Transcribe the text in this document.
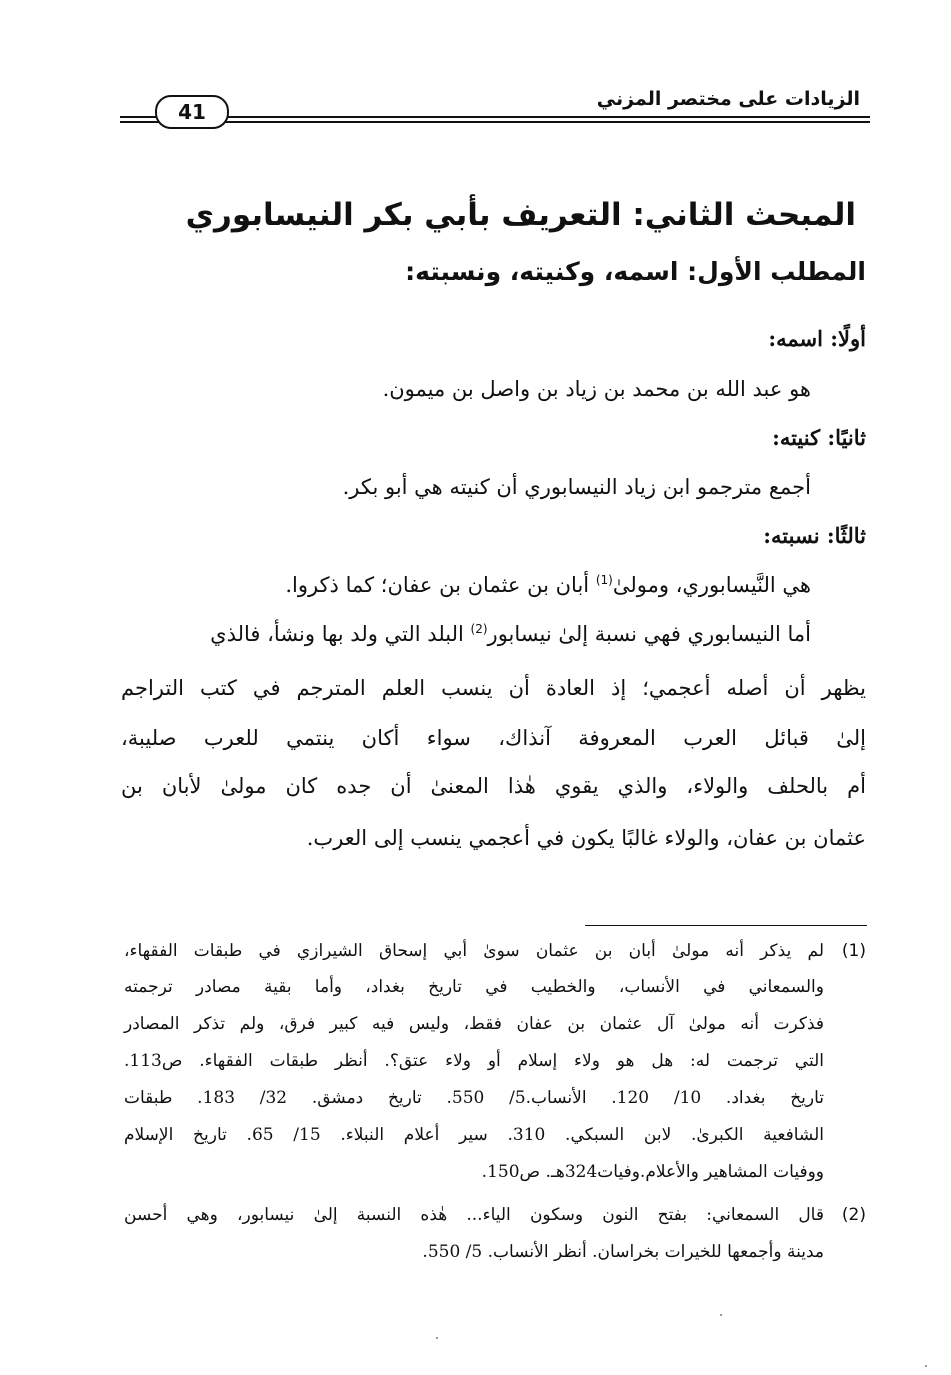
41
الزيادات على مختصر المزني
المبحث الثاني: التعريف بأبي بكر النيسابوري
المطلب الأول: اسمه، وكنيته، ونسبته:
أولًا: اسمه:
هو عبد الله بن محمد بن زياد بن واصل بن ميمون.
ثانيًا: كنيته:
أجمع مترجمو ابن زياد النيسابوري أن كنيته هي أبو بكر.
ثالثًا: نسبته:
هي النَّيسابوري، ومولىٰ$^{(1)}$ أبان بن عثمان بن عفان؛ كما ذكروا.
أما النيسابوري فهي نسبة إلىٰ نيسابور$^{(2)}$ البلد التي ولد بها ونشأ، فالذي
يظهر أن أصله أعجمي؛ إذ العادة أن ينسب العلم المترجم في كتب التراجم
إلىٰ قبائل العرب المعروفة آنذاك، سواء أكان ينتمي للعرب صليبة،
أم بالحلف والولاء، والذي يقوي هٰذا المعنىٰ أن جده كان مولىٰ لأبان بن
عثمان بن عفان، والولاء غالبًا يكون في أعجمي ينسب إلى العرب.
(1)
لم يذكر أنه مولىٰ أبان بن عثمان سوىٰ أبي إسحاق الشيرازي في طبقات الفقهاء،
والسمعاني في الأنساب، والخطيب في تاريخ بغداد، وأما بقية مصادر ترجمته
فذكرت أنه مولىٰ آل عثمان بن عفان فقط، وليس فيه كبير فرق، ولم تذكر المصادر
التي ترجمت له: هل هو ولاء إسلام أو ولاء عتق؟. أنظر طبقات الفقهاء. ص113.
تاريخ بغداد. 10/ 120. الأنساب.5/ 550. تاريخ دمشق. 32/ 183. طبقات
الشافعية الكبرىٰ. لابن السبكي. 310. سير أعلام النبلاء. 15/ 65. تاريخ الإسلام
ووفيات المشاهير والأعلام.وفيات324هـ. ص150.
(2)
قال السمعاني: بفتح النون وسكون الياء... هٰذه النسبة إلىٰ نيسابور، وهي أحسن
مدينة وأجمعها للخيرات بخراسان. أنظر الأنساب. 5/ 550.
